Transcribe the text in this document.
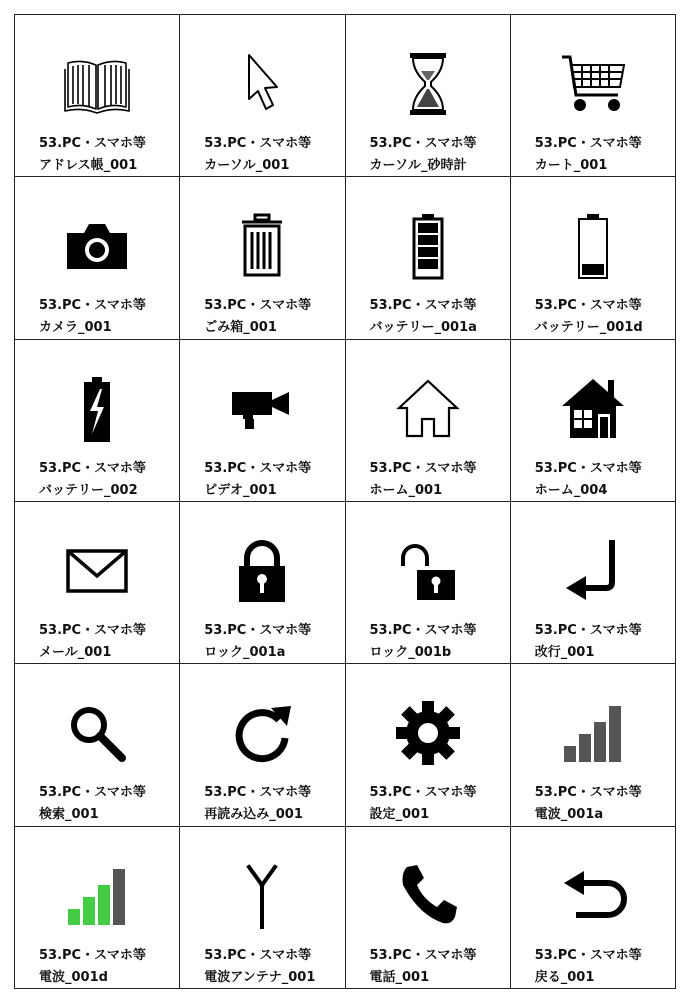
53.PC・スマホ等
アドレス帳_001
53.PC・スマホ等
カーソル_001
53.PC・スマホ等
カーソル_砂時計
53.PC・スマホ等
カート_001
53.PC・スマホ等
カメラ_001
53.PC・スマホ等
ごみ箱_001
53.PC・スマホ等
バッテリー_001a
53.PC・スマホ等
バッテリー_001d
53.PC・スマホ等
バッテリー_002
53.PC・スマホ等
ビデオ_001
53.PC・スマホ等
ホーム_001
53.PC・スマホ等
ホーム_004
53.PC・スマホ等
メール_001
53.PC・スマホ等
ロック_001a
53.PC・スマホ等
ロック_001b
53.PC・スマホ等
改行_001
53.PC・スマホ等
検索_001
53.PC・スマホ等
再読み込み_001
53.PC・スマホ等
設定_001
53.PC・スマホ等
電波_001a
53.PC・スマホ等
電波_001d
53.PC・スマホ等
電波アンテナ_001
53.PC・スマホ等
電話_001
53.PC・スマホ等
戻る_001
